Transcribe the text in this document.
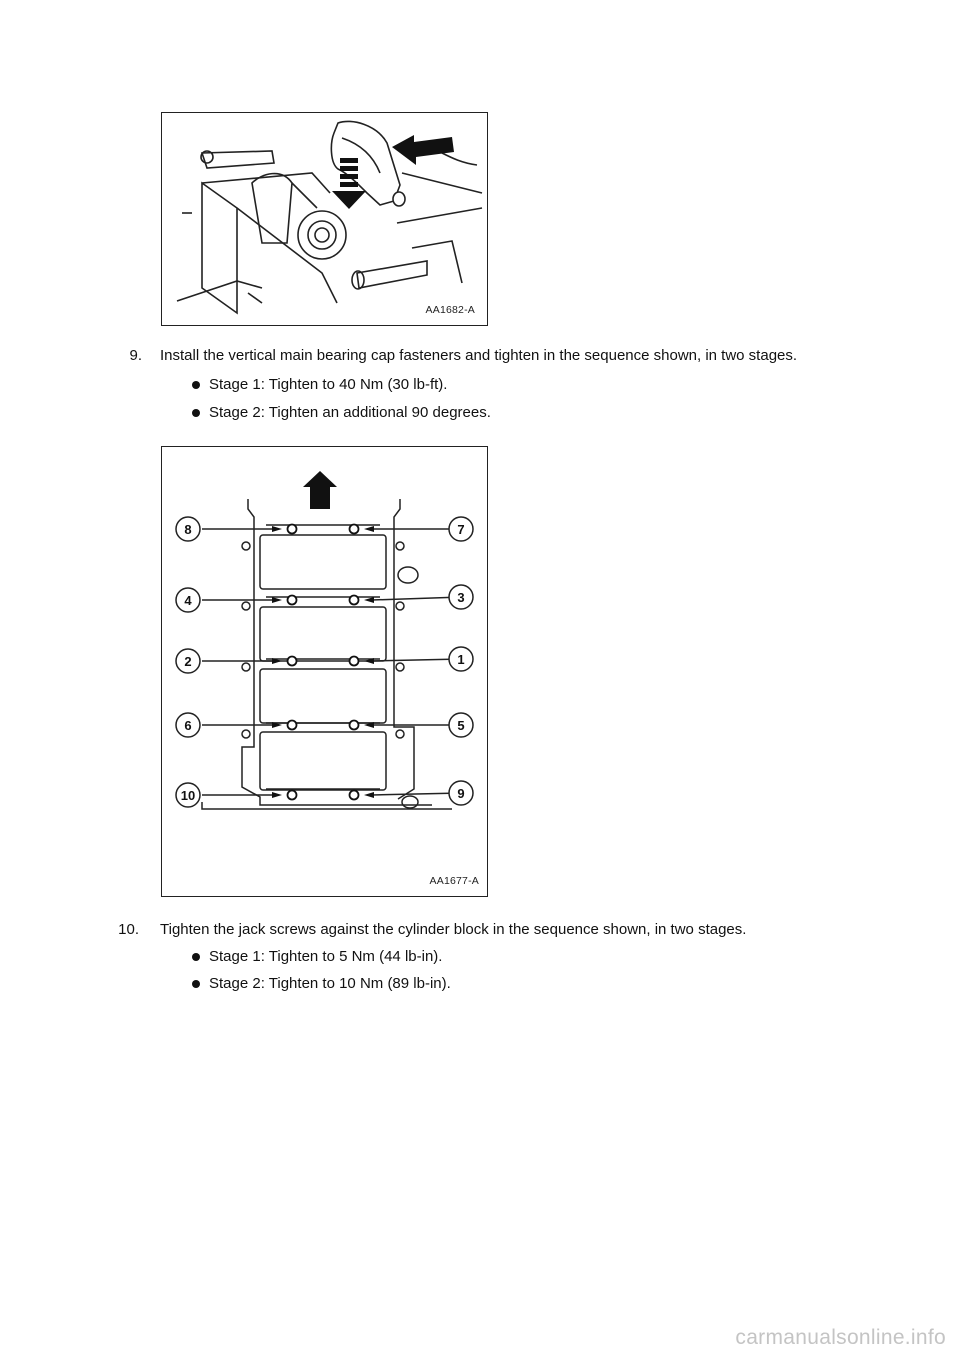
AA1682-A
9. Install the vertical main bearing cap fasteners and tighten in the sequence shown, in two stages.
Stage 1: Tighten to 40 Nm (30 lb-ft).
Stage 2: Tighten an additional 90 degrees.
8	7
4	3
2	1
6	5
10	9
AA1677-A
10. Tighten the jack screws against the cylinder block in the sequence shown, in two stages.
Stage 1: Tighten to 5 Nm (44 lb-in).
Stage 2: Tighten to 10 Nm (89 lb-in).
carmanualsonline.info
